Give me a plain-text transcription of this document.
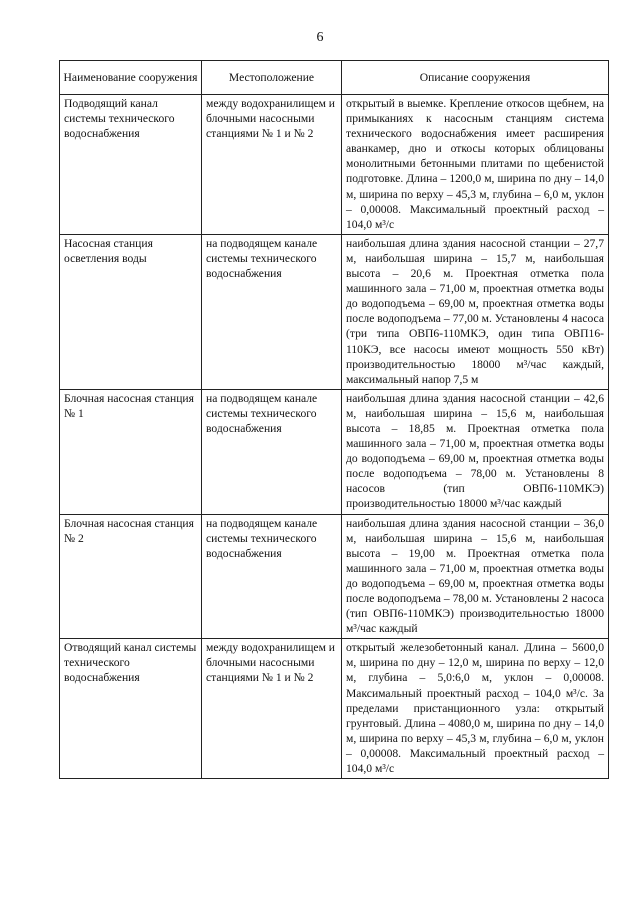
6
Наименование сооружения	Местоположение	Описание сооружения
Подводящий канал системы технического водоснабжения	между водохранилищем и блочными насосными станциями № 1 и № 2	открытый в выемке. Крепление откосов щебнем, на примыканиях к насосным станциям система технического водоснабжения имеет расширения аванкамер, дно и откосы которых облицованы монолитными бетонными плитами по щебенистой подготовке. Длина – 1200,0 м, ширина по дну – 14,0 м, ширина по верху – 45,3 м, глубина – 6,0 м, уклон – 0,00008. Максимальный проектный расход – 104,0 м³/с
Насосная станция осветления воды	на подводящем канале системы технического водоснабжения	наибольшая длина здания насосной станции – 27,7 м, наибольшая ширина – 15,7 м, наибольшая высота – 20,6 м. Проектная отметка пола машинного зала – 71,00 м, проектная отметка воды до водоподъема – 69,00 м, проектная отметка воды после водоподъема – 77,00 м. Установлены 4 насоса (три типа ОВП6-110МКЭ, один типа ОВП16-110КЭ, все насосы имеют мощность 550 кВт) производительностью 18000 м³/час каждый, максимальный напор 7,5 м
Блочная насосная станция № 1	на подводящем канале системы технического водоснабжения	наибольшая длина здания насосной станции – 42,6 м, наибольшая ширина – 15,6 м, наибольшая высота – 18,85 м. Проектная отметка пола машинного зала – 71,00 м, проектная отметка воды до водоподъема – 69,00 м, проектная отметка воды после водоподъема – 78,00 м. Установлены 8 насосов (тип ОВП6-110МКЭ) производительностью 18000 м³/час каждый
Блочная насосная станция № 2	на подводящем канале системы технического водоснабжения	наибольшая длина здания насосной станции – 36,0 м, наибольшая ширина – 15,6 м, наибольшая высота – 19,00 м. Проектная отметка пола машинного зала – 71,00 м, проектная отметка воды до водоподъема – 69,00 м, проектная отметка воды после водоподъема – 78,00 м. Установлены 2 насоса (тип ОВП6-110МКЭ) производительностью 18000 м³/час каждый
Отводящий канал системы технического водоснабжения	между водохранилищем и блочными насосными станциями № 1 и № 2	открытый железобетонный канал. Длина – 5600,0 м, ширина по дну – 12,0 м, ширина по верху – 12,0 м, глубина – 5,0:6,0 м, уклон – 0,00008. Максимальный проектный расход – 104,0 м³/с. За пределами пристанционного узла: открытый грунтовый. Длина – 4080,0 м, ширина по дну – 14,0 м, ширина по верху – 45,3 м, глубина – 6,0 м, уклон – 0,00008. Максимальный проектный расход – 104,0 м³/с
